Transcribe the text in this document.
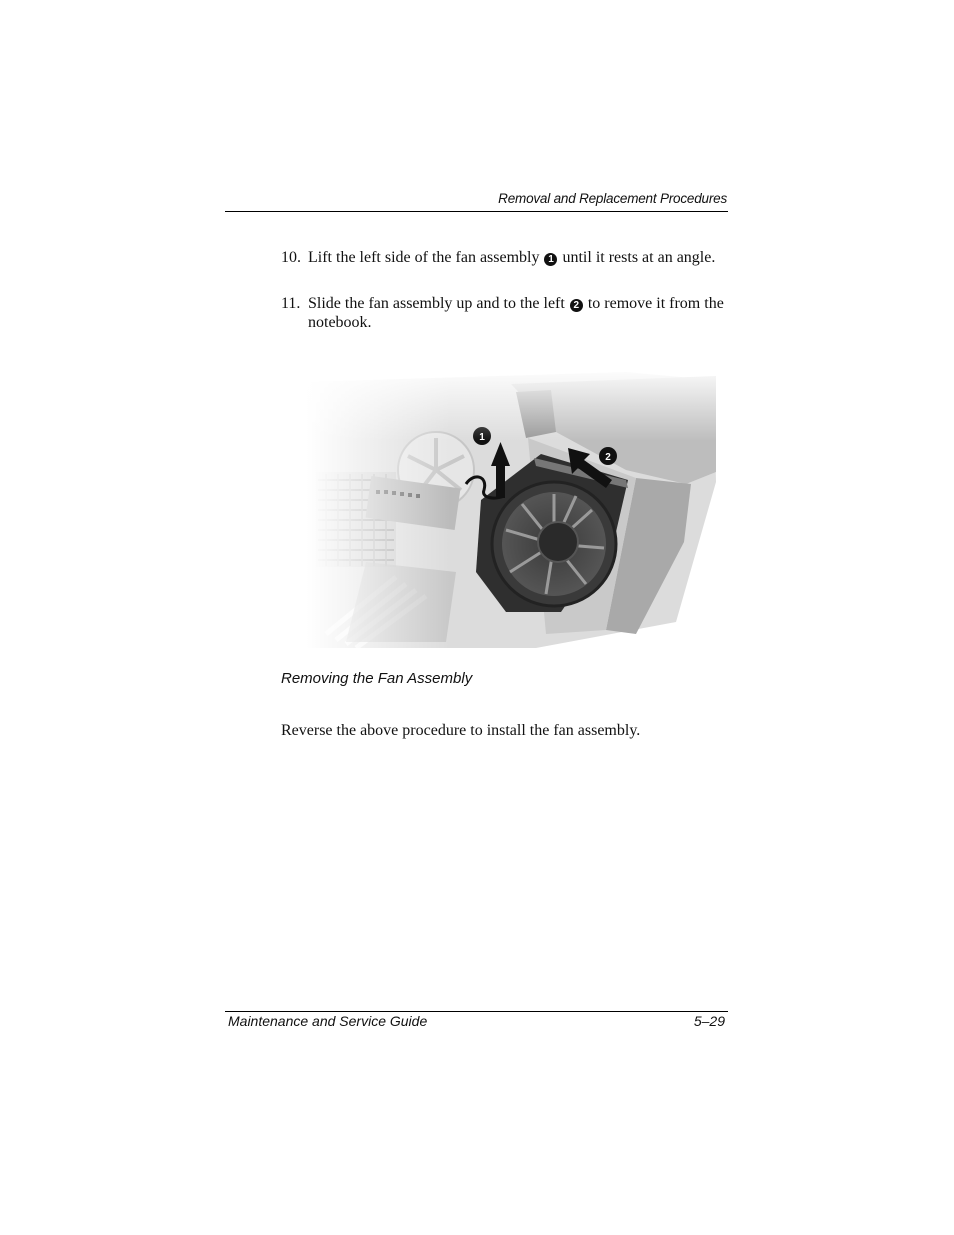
Removal and Replacement Procedures
10. Lift the left side of the fan assembly 1 until it rests at an angle.
11. Slide the fan assembly up and to the left 2 to remove it from the notebook.
Removing the Fan Assembly
Reverse the above procedure to install the fan assembly.
Maintenance and Service Guide	5–29
